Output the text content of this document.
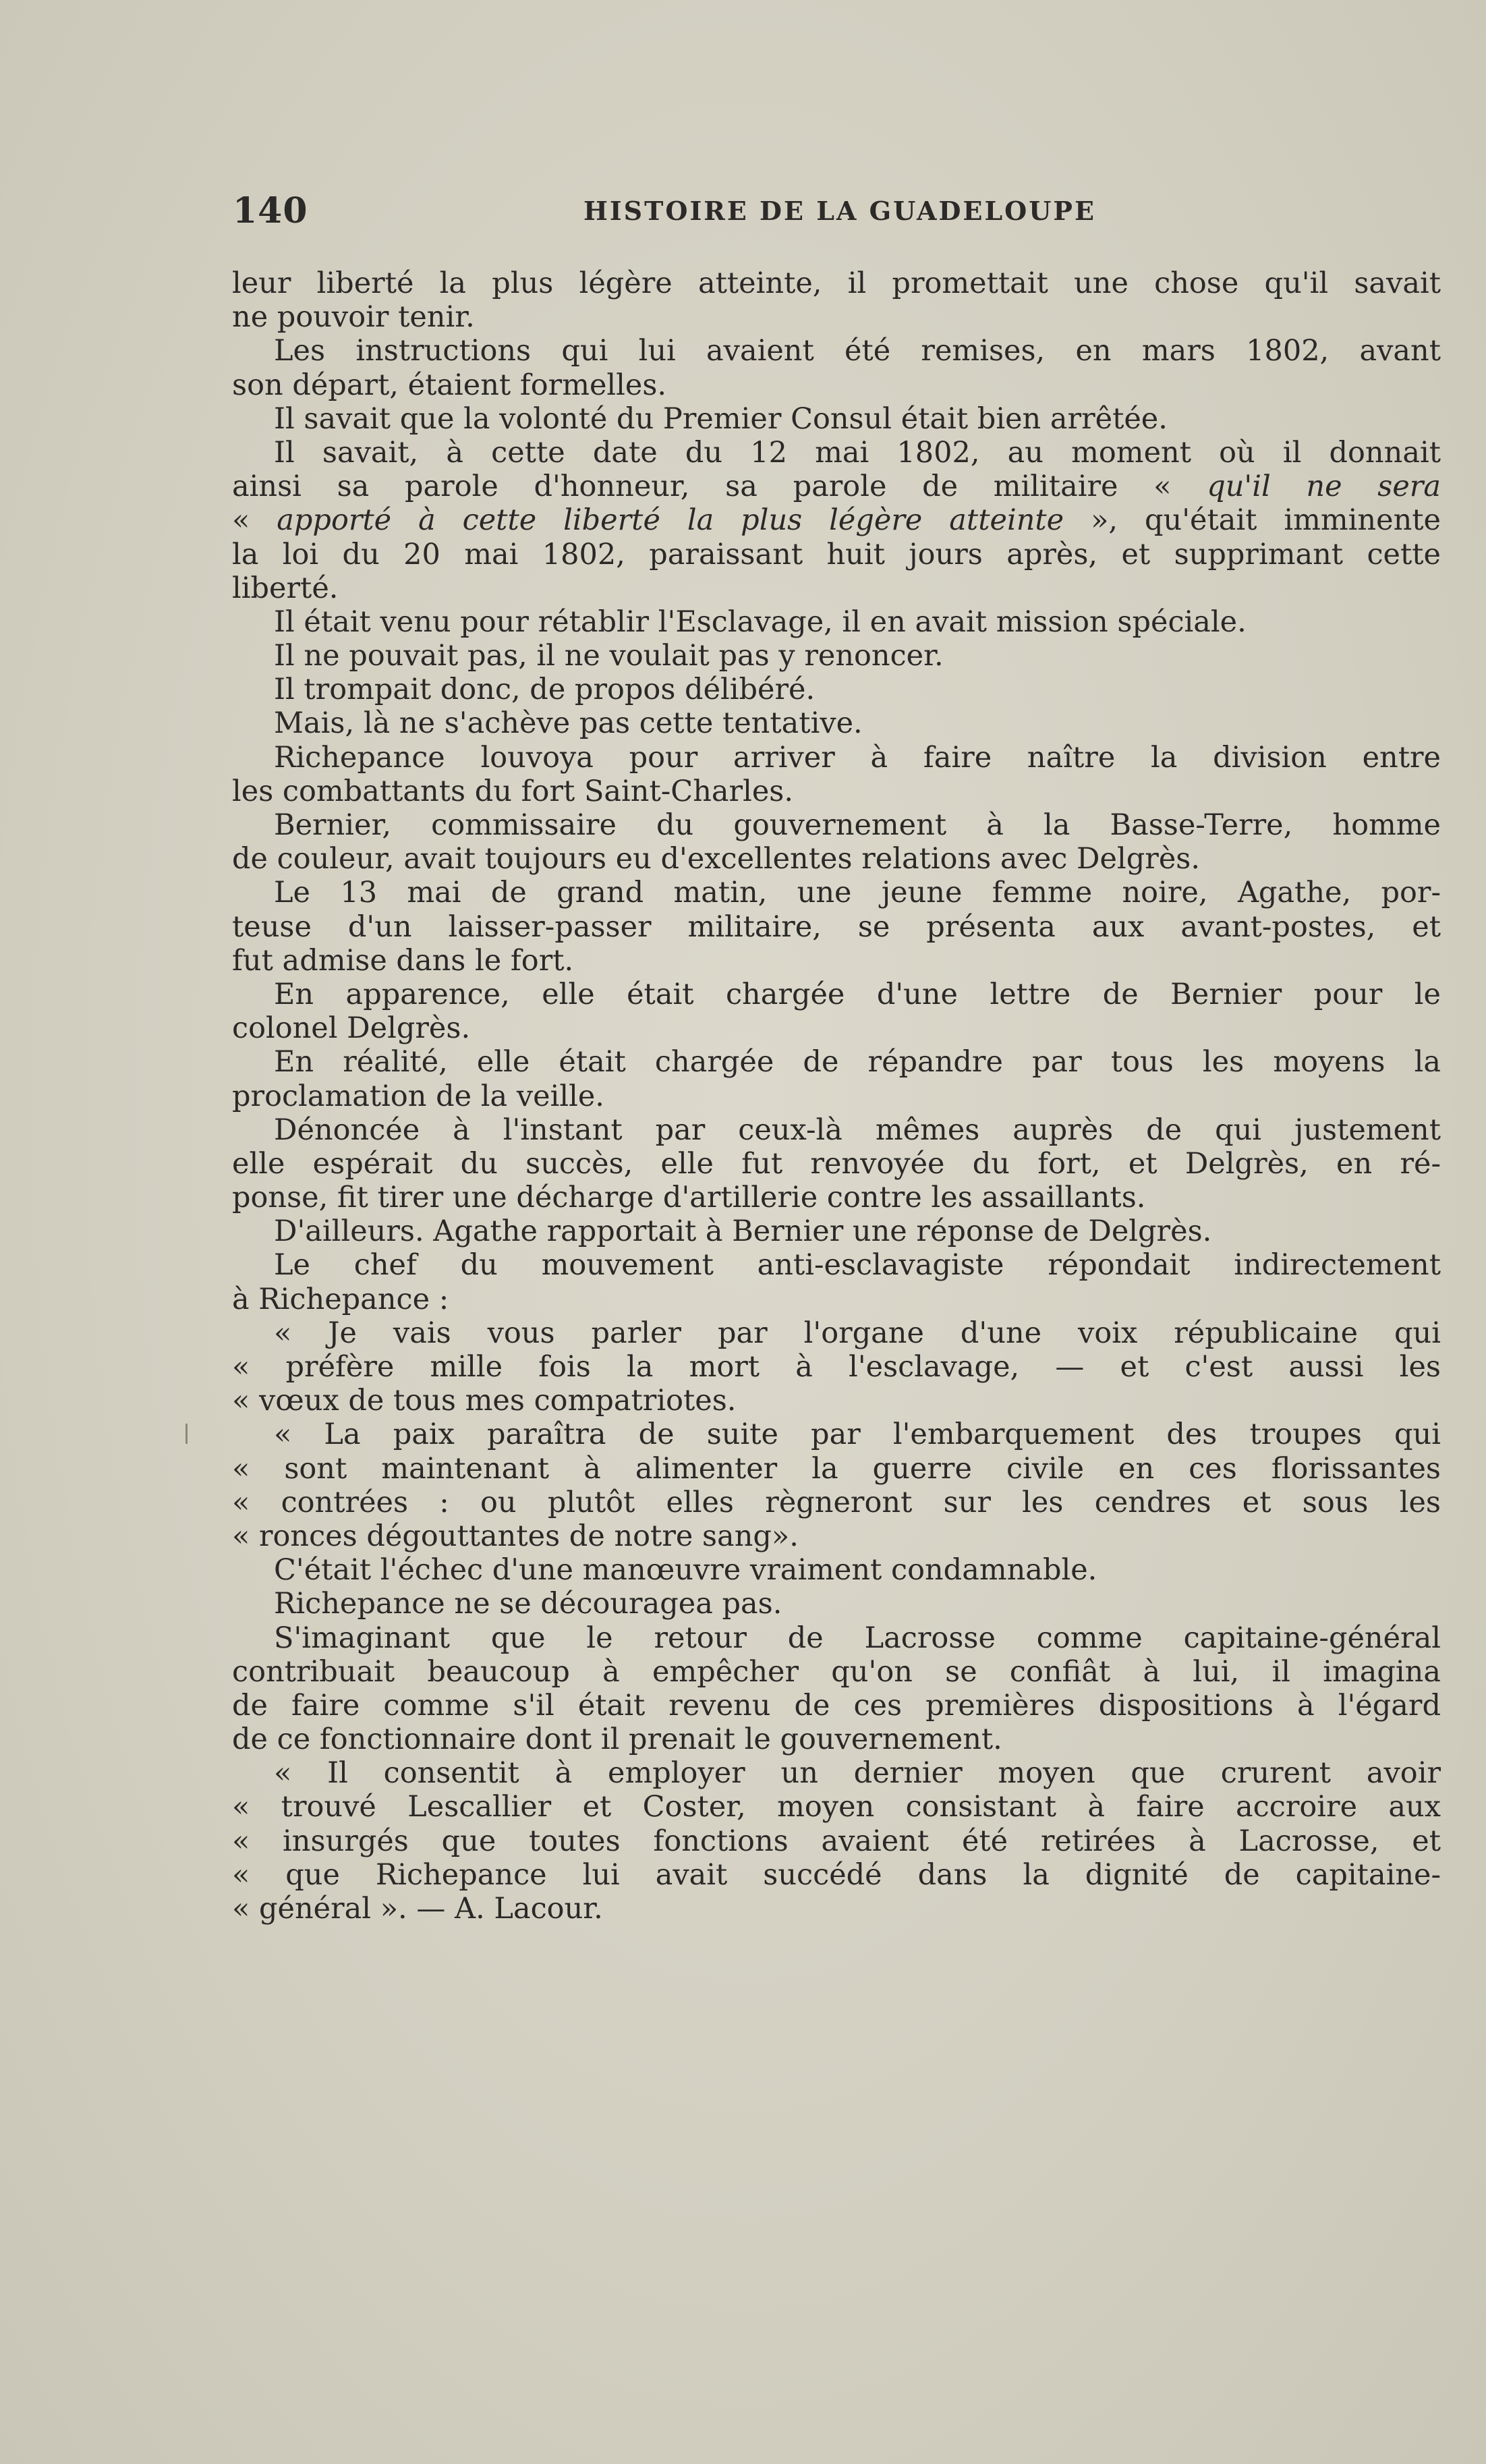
140	HISTOIRE DE LA GUADELOUPE
leur liberté la plus légère atteinte, il promettait une chose qu'il savait
ne pouvoir tenir.
Les instructions qui lui avaient été remises, en mars 1802, avant
son départ, étaient formelles.
Il savait que la volonté du Premier Consul était bien arrêtée.
Il savait, à cette date du 12 mai 1802, au moment où il donnait
ainsi sa parole d'honneur, sa parole de militaire « qu'il ne sera
« apporté à cette liberté la plus légère atteinte », qu'était imminente
la loi du 20 mai 1802, paraissant huit jours après, et supprimant cette
liberté.
Il était venu pour rétablir l'Esclavage, il en avait mission spéciale.
Il ne pouvait pas, il ne voulait pas y renoncer.
Il trompait donc, de propos délibéré.
Mais, là ne s'achève pas cette tentative.
Richepance louvoya pour arriver à faire naître la division entre
les combattants du fort Saint-Charles.
Bernier, commissaire du gouvernement à la Basse-Terre, homme
de couleur, avait toujours eu d'excellentes relations avec Delgrès.
Le 13 mai de grand matin, une jeune femme noire, Agathe, por-
teuse d'un laisser-passer militaire, se présenta aux avant-postes, et
fut admise dans le fort.
En apparence, elle était chargée d'une lettre de Bernier pour le
colonel Delgrès.
En réalité, elle était chargée de répandre par tous les moyens la
proclamation de la veille.
Dénoncée à l'instant par ceux-là mêmes auprès de qui justement
elle espérait du succès, elle fut renvoyée du fort, et Delgrès, en ré-
ponse, fit tirer une décharge d'artillerie contre les assaillants.
D'ailleurs. Agathe rapportait à Bernier une réponse de Delgrès.
Le chef du mouvement anti-esclavagiste répondait indirectement
à Richepance :
« Je vais vous parler par l'organe d'une voix républicaine qui
« préfère mille fois la mort à l'esclavage, — et c'est aussi les
« vœux de tous mes compatriotes.
« La paix paraîtra de suite par l'embarquement des troupes qui
« sont maintenant à alimenter la guerre civile en ces florissantes
« contrées : ou plutôt elles règneront sur les cendres et sous les
« ronces dégouttantes de notre sang».
C'était l'échec d'une manœuvre vraiment condamnable.
Richepance ne se découragea pas.
S'imaginant que le retour de Lacrosse comme capitaine-général
contribuait beaucoup à empêcher qu'on se confiât à lui, il imagina
de faire comme s'il était revenu de ces premières dispositions à l'égard
de ce fonctionnaire dont il prenait le gouvernement.
« Il consentit à employer un dernier moyen que crurent avoir
« trouvé Lescallier et Coster, moyen consistant à faire accroire aux
« insurgés que toutes fonctions avaient été retirées à Lacrosse, et
« que Richepance lui avait succédé dans la dignité de capitaine-
« général ». — A. Lacour.
